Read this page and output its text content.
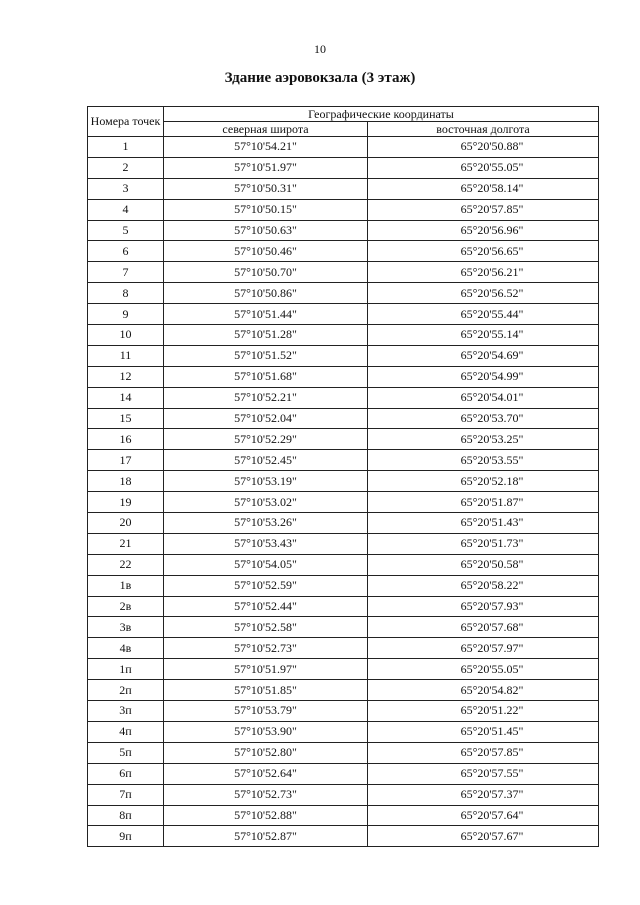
10
Здание аэровокзала (3 этаж)
Номера точек	Географические координаты	
	северная широта	восточная долгота
1	57°10'54.21"	65°20'50.88"
2	57°10'51.97"	65°20'55.05"
3	57°10'50.31"	65°20'58.14"
4	57°10'50.15"	65°20'57.85"
5	57°10'50.63"	65°20'56.96"
6	57°10'50.46"	65°20'56.65"
7	57°10'50.70"	65°20'56.21"
8	57°10'50.86"	65°20'56.52"
9	57°10'51.44"	65°20'55.44"
10	57°10'51.28"	65°20'55.14"
11	57°10'51.52"	65°20'54.69"
12	57°10'51.68"	65°20'54.99"
14	57°10'52.21"	65°20'54.01"
15	57°10'52.04"	65°20'53.70"
16	57°10'52.29"	65°20'53.25"
17	57°10'52.45"	65°20'53.55"
18	57°10'53.19"	65°20'52.18"
19	57°10'53.02"	65°20'51.87"
20	57°10'53.26"	65°20'51.43"
21	57°10'53.43"	65°20'51.73"
22	57°10'54.05"	65°20'50.58"
1в	57°10'52.59"	65°20'58.22"
2в	57°10'52.44"	65°20'57.93"
3в	57°10'52.58"	65°20'57.68"
4в	57°10'52.73"	65°20'57.97"
1п	57°10'51.97"	65°20'55.05"
2п	57°10'51.85"	65°20'54.82"
3п	57°10'53.79"	65°20'51.22"
4п	57°10'53.90"	65°20'51.45"
5п	57°10'52.80"	65°20'57.85"
6п	57°10'52.64"	65°20'57.55"
7п	57°10'52.73"	65°20'57.37"
8п	57°10'52.88"	65°20'57.64"
9п	57°10'52.87"	65°20'57.67"
